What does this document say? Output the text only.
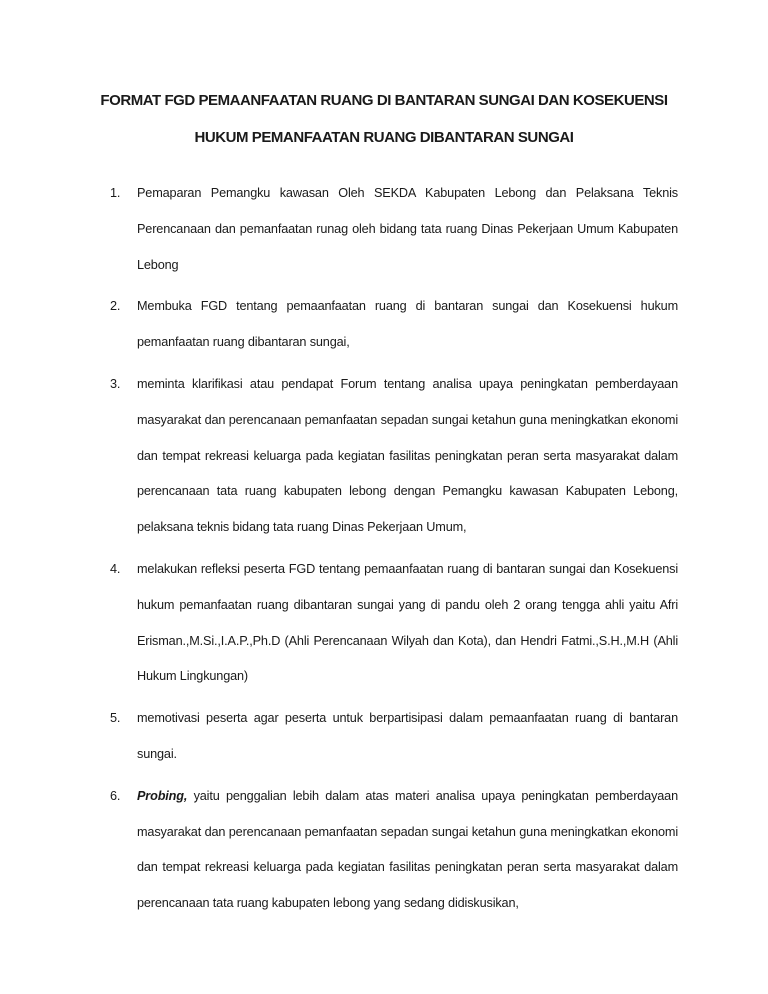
FORMAT FGD PEMAANFAATAN RUANG DI BANTARAN SUNGAI DAN KOSEKUENSI
HUKUM PEMANFAATAN RUANG DIBANTARAN SUNGAI
1.	Pemaparan Pemangku kawasan Oleh SEKDA Kabupaten Lebong dan Pelaksana Teknis Perencanaan dan pemanfaatan runag oleh bidang tata ruang Dinas Pekerjaan Umum Kabupaten Lebong
2.	Membuka FGD tentang pemaanfaatan ruang di bantaran sungai dan Kosekuensi hukum pemanfaatan ruang dibantaran sungai,
3.	meminta klarifikasi atau pendapat Forum tentang analisa upaya peningkatan pemberdayaan masyarakat dan perencanaan pemanfaatan sepadan sungai ketahun guna meningkatkan ekonomi dan tempat rekreasi keluarga pada kegiatan fasilitas peningkatan peran serta masyarakat dalam perencanaan tata ruang kabupaten lebong dengan Pemangku kawasan Kabupaten Lebong, pelaksana teknis bidang tata ruang Dinas Pekerjaan Umum,
4.	melakukan refleksi peserta FGD tentang pemaanfaatan ruang di bantaran sungai dan Kosekuensi hukum pemanfaatan ruang dibantaran sungai yang di pandu oleh 2 orang tengga ahli yaitu Afri Erisman.,M.Si.,I.A.P.,Ph.D (Ahli Perencanaan Wilyah dan Kota), dan Hendri Fatmi.,S.H.,M.H (Ahli Hukum Lingkungan)
5.	memotivasi peserta agar peserta untuk berpartisipasi dalam pemaanfaatan ruang di bantaran sungai.
6.	Probing, yaitu penggalian lebih dalam atas materi analisa upaya peningkatan pemberdayaan masyarakat dan perencanaan pemanfaatan sepadan sungai ketahun guna meningkatkan ekonomi dan tempat rekreasi keluarga pada kegiatan fasilitas peningkatan peran serta masyarakat dalam perencanaan tata ruang kabupaten lebong yang sedang didiskusikan,
